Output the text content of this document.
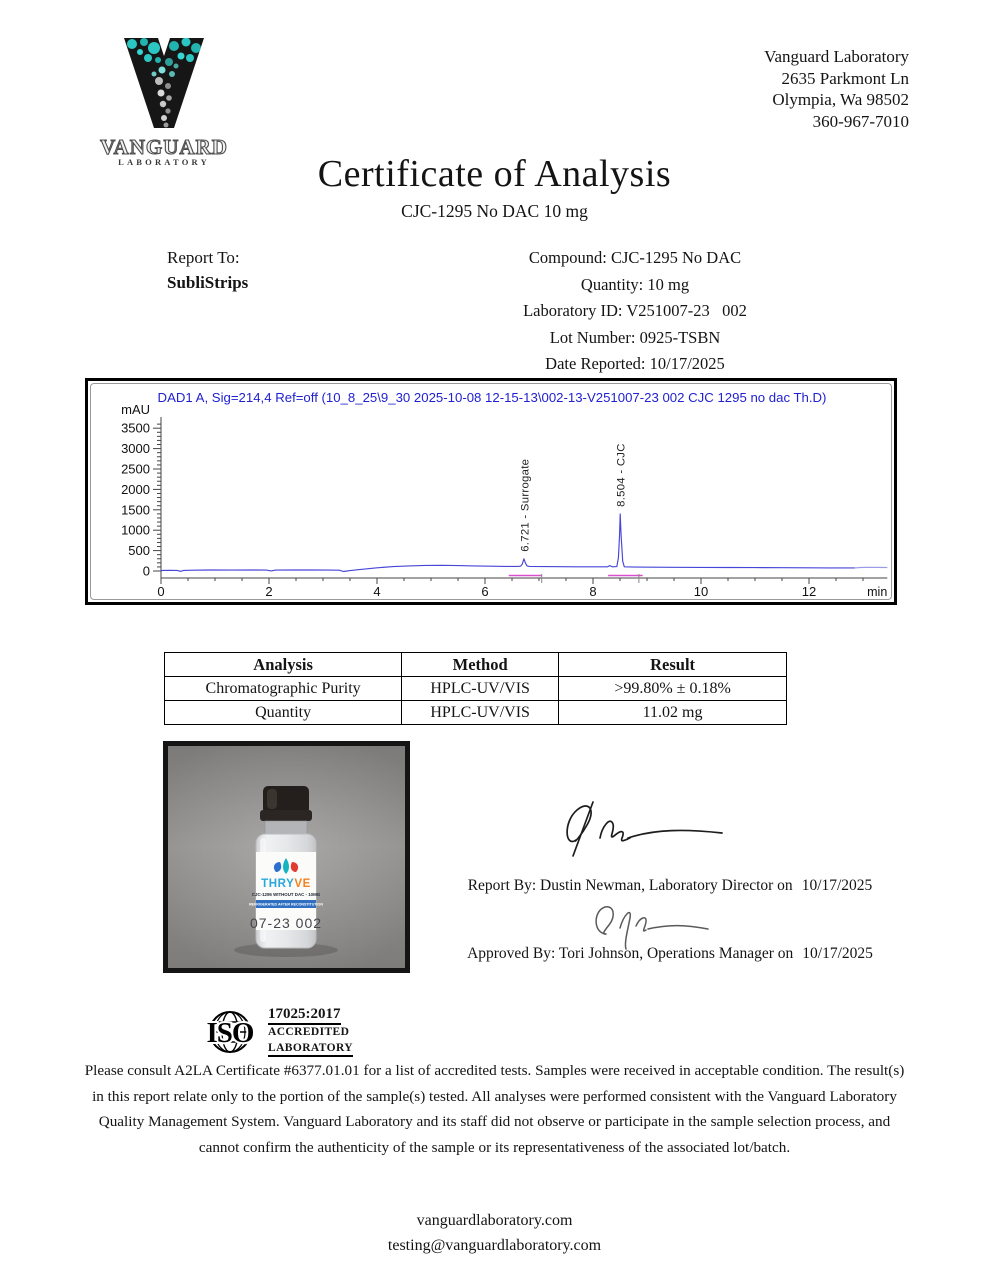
VANGUARD
LABORATORY
Vanguard Laboratory
2635 Parkmont Ln
Olympia, Wa 98502
360-967-7010
Certificate of Analysis
CJC-1295 No DAC 10 mg
Report To:
SubliStrips
Compound: CJC-1295 No DAC
Quantity: 10 mg
Laboratory ID: V251007-23   002
Lot Number: 0925-TSBN
Date Reported: 10/17/2025
DAD1 A, Sig=214,4 Ref=off (10_8_25\9_30 2025-10-08 12-15-13\002-13-V251007-23 002 CJC 1295 no dac Th.D)
0
500
1000
1500
2000
2500
3000
3500
mAU
0	2	4	6	8	10	12	min
6.721 - Surrogate	8.504 - CJC
Analysis	Method	Result
Chromatographic Purity	HPLC-UV/VIS	>99.80% ± 0.18%
Quantity	HPLC-UV/VIS	11.02 mg
THRYVE
CJC-1295 WITHOUT DAC - 10MG
REFRIGERATED AFTER RECONSTITUTION
07-23 002
Report By: Dustin Newman, Laboratory Director on 10/17/2025
Approved By: Tori Johnson, Operations Manager on 10/17/2025
ISO
17025:2017
ACCREDITED
LABORATORY
Please consult A2LA Certificate #6377.01.01 for a list of accredited tests. Samples were received in acceptable condition. The result(s) in this report relate only to the portion of the sample(s) tested. All analyses were performed consistent with the Vanguard Laboratory Quality Management System. Vanguard Laboratory and its staff did not observe or participate in the sample selection process, and cannot confirm the authenticity of the sample or its representativeness of the associated lot/batch.
vanguardlaboratory.com
testing@vanguardlaboratory.com
